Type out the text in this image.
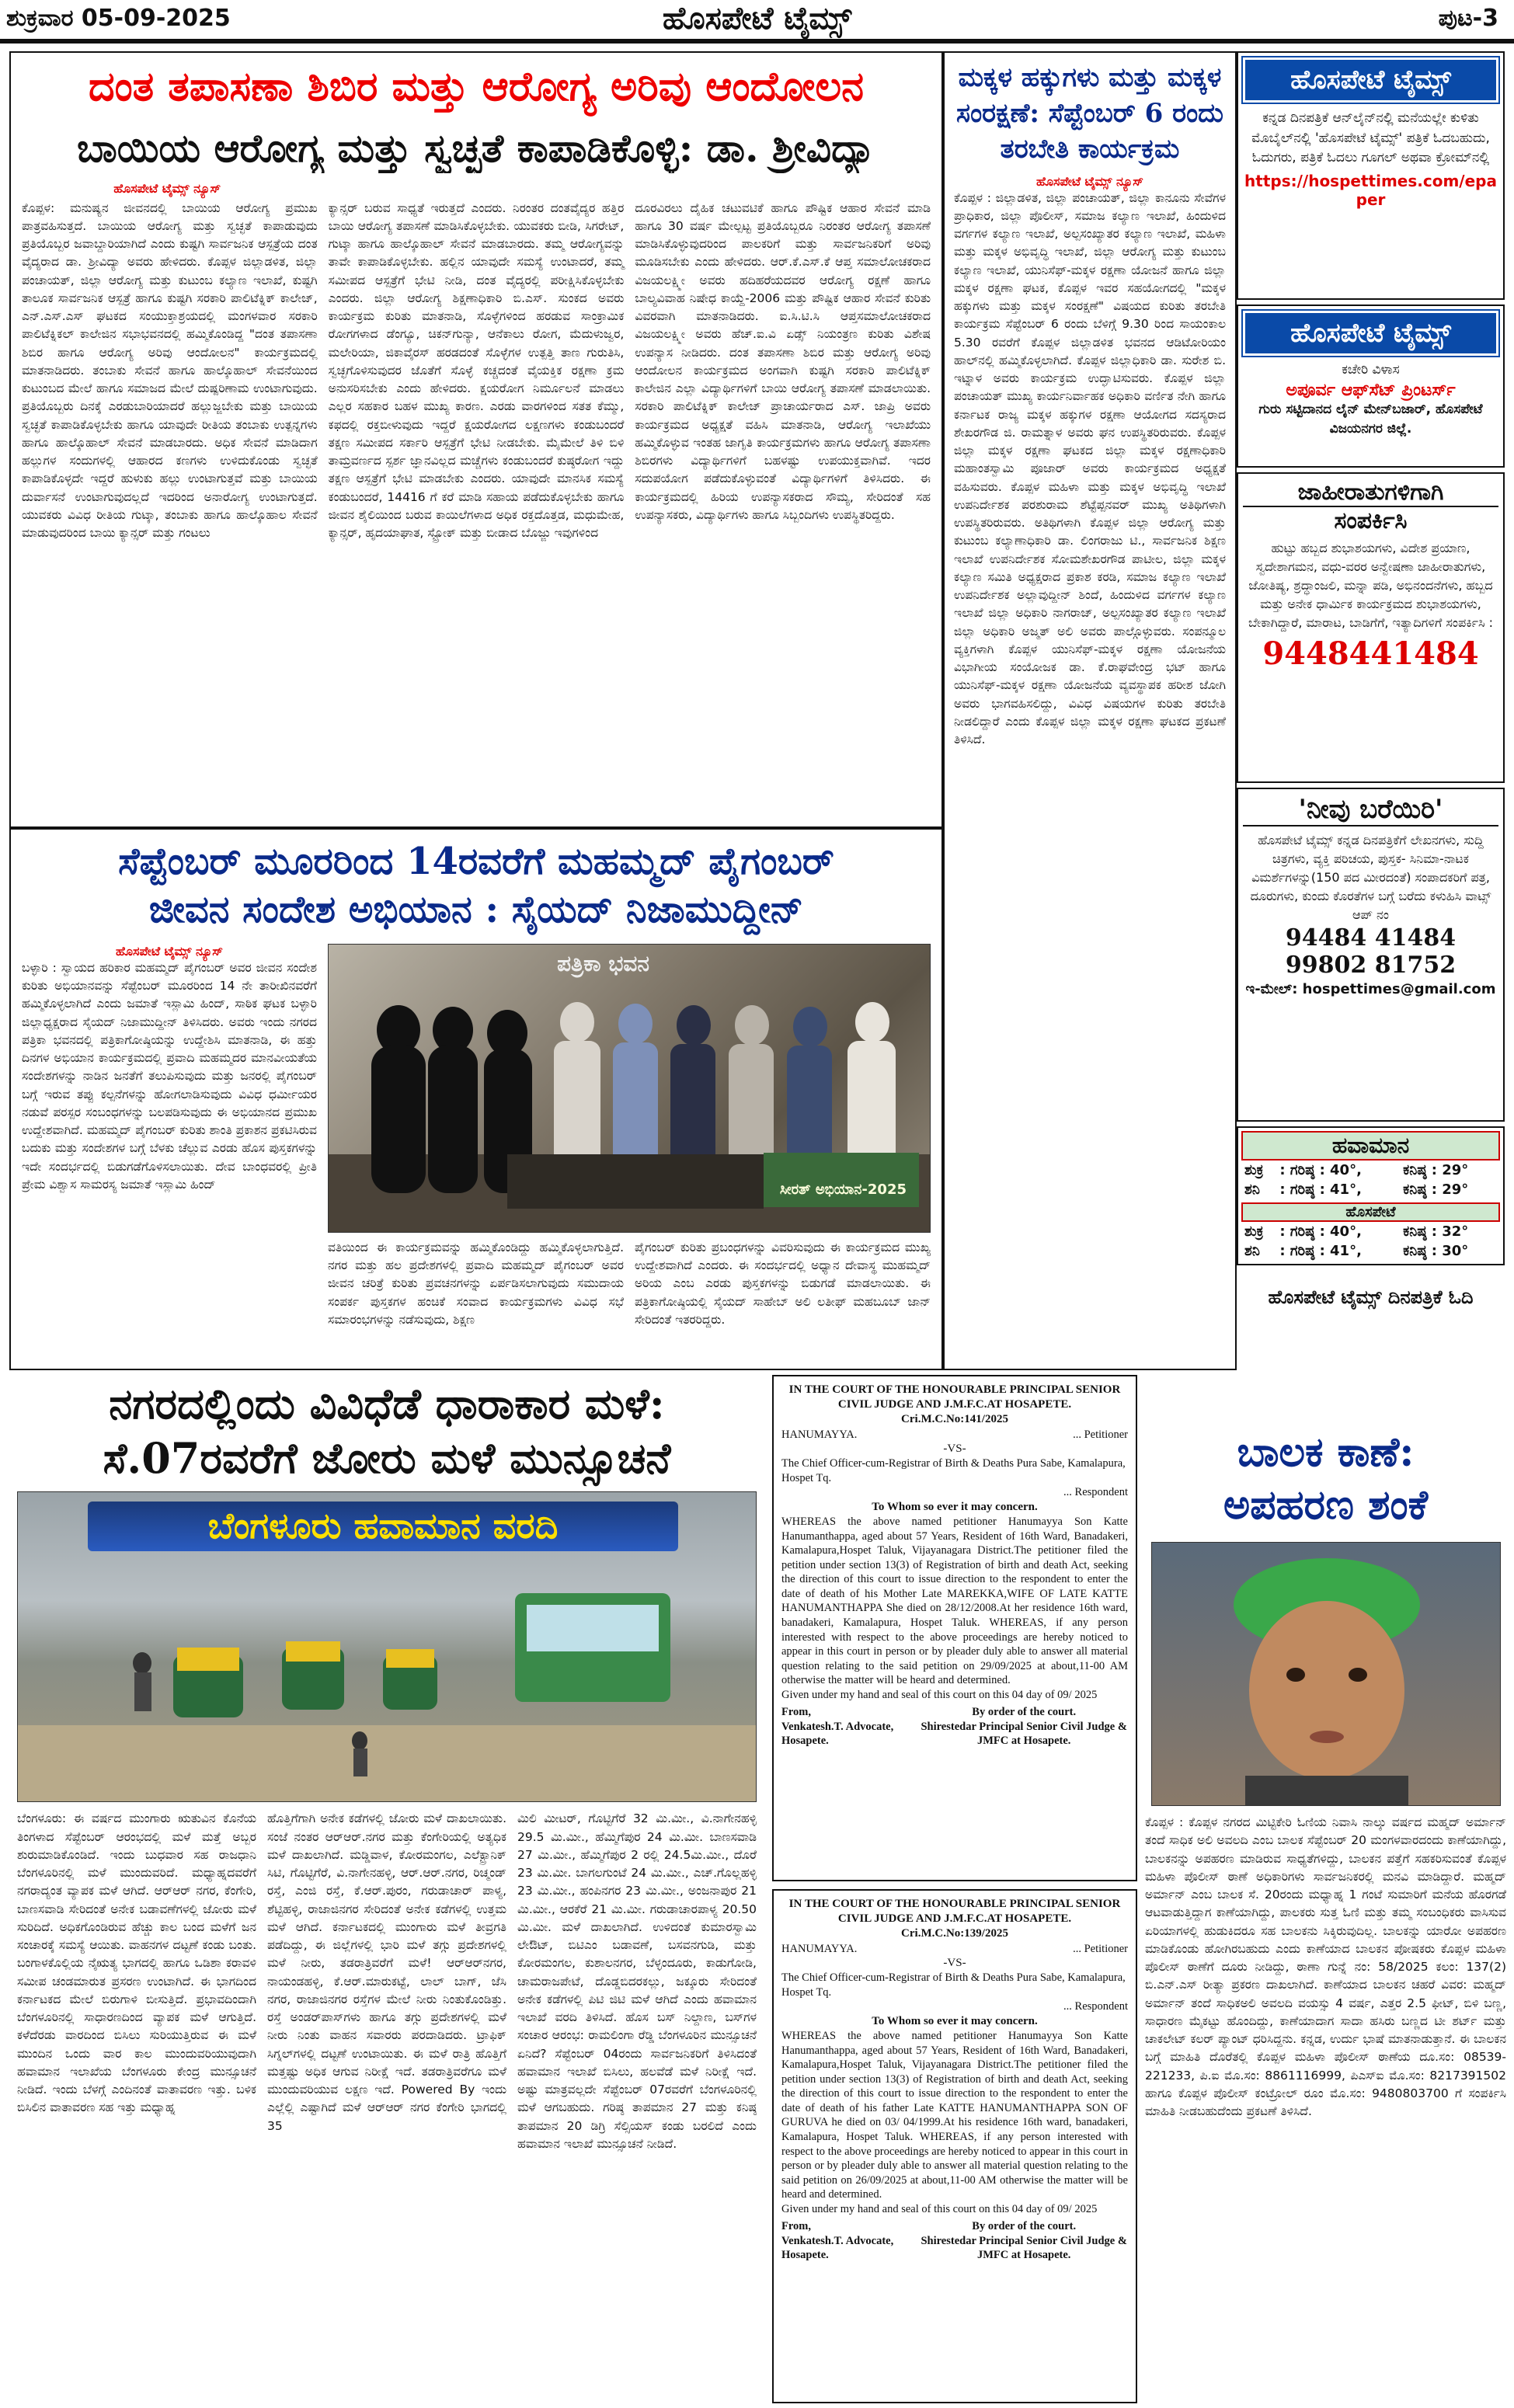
ಹೊಸಪೇಟೆ ಟೈಮ್ಸ್
ಶುಕ್ರವಾರ 05-09-2025	ಪುಟ-3
ದಂತ ತಪಾಸಣಾ ಶಿಬಿರ ಮತ್ತು ಆರೋಗ್ಯ ಅರಿವು ಆಂದೋಲನ
ಬಾಯಿಯ ಆರೋಗ್ಯ ಮತ್ತು ಸ್ವಚ್ಛತೆ ಕಾಪಾಡಿಕೊಳ್ಳಿ: ಡಾ. ಶ್ರೀವಿದ್ಯಾ
ಹೊಸಪೇಟೆ ಟೈಮ್ಸ್ ನ್ಯೂಸ್
ಕೊಪ್ಪಳ: ಮನುಷ್ಯನ ಜೀವನದಲ್ಲಿ ಬಾಯಿಯ ಆರೋಗ್ಯ ಪ್ರಮುಖ ಪಾತ್ರವಹಿಸುತ್ತದೆ. ಬಾಯಿಯ ಆರೋಗ್ಯ ಮತ್ತು ಸ್ವಚ್ಛತೆ ಕಾಪಾಡುವುದು ಪ್ರತಿಯೊಬ್ಬರ ಜವಾಬ್ದಾರಿಯಾಗಿದೆ ಎಂದು ಕುಷ್ಟಗಿ ಸಾರ್ವಜನಿಕ ಆಸ್ಪತ್ರೆಯ ದಂತ ವೈದ್ಯರಾದ ಡಾ. ಶ್ರೀವಿದ್ಯಾ ಅವರು ಹೇಳಿದರು. ಕೊಪ್ಪಳ ಜಿಲ್ಲಾಡಳಿತ, ಜಿಲ್ಲಾ ಪಂಚಾಯತ್, ಜಿಲ್ಲಾ ಆರೋಗ್ಯ ಮತ್ತು ಕುಟುಂಬ ಕಲ್ಯಾಣ ಇಲಾಖೆ, ಕುಷ್ಟಗಿ ತಾಲೂಕ ಸಾರ್ವಜನಿಕ ಆಸ್ಪತ್ರೆ ಹಾಗೂ ಕುಷ್ಟಗಿ ಸರಕಾರಿ ಪಾಲಿಟೆಕ್ನಿಕ್ ಕಾಲೇಜ್, ಎನ್.ಎಸ್.ಎಸ್ ಘಟಕದ ಸಂಯುಕ್ತಾಶ್ರಯದಲ್ಲಿ ಮಂಗಳವಾರ ಸರಕಾರಿ ಪಾಲಿಟೆಕ್ನಿಕಲ್ ಕಾಲೇಜಿನ ಸಭಾಭವನದಲ್ಲಿ ಹಮ್ಮಿಕೊಂಡಿದ್ದ "ದಂತ ತಪಾಸಣಾ ಶಿಬಿರ ಹಾಗೂ ಆರೋಗ್ಯ ಅರಿವು ಆಂದೋಲನ" ಕಾರ್ಯಕ್ರಮದಲ್ಲಿ ಮಾತನಾಡಿದರು. ತಂಬಾಕು ಸೇವನೆ ಹಾಗೂ ಹಾಲ್ಕೊಹಾಲ್ ಸೇವನೆಯಿಂದ ಕುಟುಂಬದ ಮೇಲೆ ಹಾಗೂ ಸಮಾಜದ ಮೇಲೆ ದುಷ್ಪರಿಣಾಮ ಉಂಟಾಗುವುದು. ಪ್ರತಿಯೊಬ್ಬರು ದಿನಕ್ಕೆ ಎರಡುಬಾರಿಯಾದರೆ ಹಲ್ಲುಜ್ಜಬೇಕು ಮತ್ತು ಬಾಯಿಯ ಸ್ವಚ್ಛತೆ ಕಾಪಾಡಿಕೊಳ್ಳಬೇಕು ಹಾಗೂ ಯಾವುದೇ ರೀತಿಯ ತಂಬಾಕು ಉತ್ಪನ್ನಗಳು ಹಾಗೂ ಹಾಲ್ಕೊಹಾಲ್ ಸೇವನೆ ಮಾಡಬಾರದು. ಅಧಿಕ ಸೇವನೆ ಮಾಡಿದಾಗ ಹಲ್ಲುಗಳ ಸಂದುಗಳಲ್ಲಿ ಆಹಾರದ ಕಣಗಳು ಉಳಿದುಕೊಂಡು ಸ್ವಚ್ಛತೆ ಕಾಪಾಡಿಕೊಳ್ಳದೇ ಇದ್ದರೆ ಹುಳುಕು ಹಲ್ಲು ಉಂಟಾಗುತ್ತವೆ ಮತ್ತು ಬಾಯಿಯ ದುರ್ವಾಸನೆ ಉಂಟಾಗುವುದಲ್ಲದೆ ಇದರಿಂದ ಅನಾರೋಗ್ಯ ಉಂಟಾಗುತ್ತದೆ. ಯುವಕರು ವಿವಿಧ ರೀತಿಯ ಗುಟ್ಕಾ, ತಂಬಾಕು ಹಾಗೂ ಹಾಲ್ಕೊಹಾಲ ಸೇವನೆ ಮಾಡುವುದರಿಂದ ಬಾಯಿ ಕ್ಯಾನ್ಸರ್ ಮತ್ತು ಗಂಟಲು
ಕ್ಯಾನ್ಸರ್ ಬರುವ ಸಾಧ್ಯತೆ ಇರುತ್ತದೆ ಎಂದರು. ನಿರಂತರ ದಂತವೈದ್ಯರ ಹತ್ತಿರ ಬಾಯಿ ಆರೋಗ್ಯ ತಪಾಸಣೆ ಮಾಡಿಸಿಕೊಳ್ಳಬೇಕು. ಯುವಕರು ಬೀಡಿ, ಸಿಗರೇಟ್, ಗುಟ್ಕಾ ಹಾಗೂ ಹಾಲ್ಕೊಹಾಲ್ ಸೇವನೆ ಮಾಡಬಾರದು. ತಮ್ಮ ಆರೋಗ್ಯವನ್ನು ತಾವೇ ಕಾಪಾಡಿಕೊಳ್ಳಬೇಕು. ಹಲ್ಲಿನ ಯಾವುದೇ ಸಮಸ್ಯೆ ಉಂಟಾದರೆ, ತಮ್ಮ ಸಮೀಪದ ಆಸ್ಪತ್ರೆಗೆ ಭೇಟಿ ನೀಡಿ, ದಂತ ವೈದ್ಯರಲ್ಲಿ ಪರೀಕ್ಷಿಸಿಕೊಳ್ಳಬೇಕು ಎಂದರು. ಜಿಲ್ಲಾ ಆರೋಗ್ಯ ಶಿಕ್ಷಣಾಧಿಕಾರಿ ಬಿ.ಎಸ್. ಸುಂಕದ ಅವರು ಕಾರ್ಯಕ್ರಮ ಕುರಿತು ಮಾತನಾಡಿ, ಸೊಳ್ಳೆಗಳಿಂದ ಹರಡುವ ಸಾಂಕ್ರಾಮಿಕ ರೋಗಗಳಾದ ಡೆಂಗ್ಯೂ, ಚಿಕನ್‌ಗುನ್ಯಾ, ಆನೆಕಾಲು ರೋಗ, ಮೆದುಳುಜ್ವರ, ಮಲೇರಿಯಾ, ಜಿಕಾವೈರಸ್ ಹರಡದಂತೆ ಸೊಳ್ಳೆಗಳ ಉತ್ಪತ್ತಿ ತಾಣ ಗುರುತಿಸಿ, ಸ್ವಚ್ಛಗೊಳಿಸುವುದರ ಜೊತೆಗೆ ಸೊಳ್ಳೆ ಕಚ್ಚದಂತೆ ವೈಯಕ್ತಿಕ ರಕ್ಷಣಾ ಕ್ರಮ ಅನುಸರಿಸಬೇಕು ಎಂದು ಹೇಳಿದರು. ಕ್ಷಯರೋಗ ನಿರ್ಮೂಲನೆ ಮಾಡಲು ಎಲ್ಲರ ಸಹಕಾರ ಬಹಳ ಮುಖ್ಯ ಕಾರಣ. ಎರಡು ವಾರಗಳಿಂದ ಸತತ ಕೆಮ್ಮು, ಕಫದಲ್ಲಿ ರಕ್ತಬೀಳುವುದು ಇದ್ದರೆ ಕ್ಷಯರೋಗದ ಲಕ್ಷಣಗಳು ಕಂಡುಬಂದರೆ ತಕ್ಷಣ ಸಮೀಪದ ಸರ್ಕಾರಿ ಆಸ್ಪತ್ರೆಗೆ ಭೇಟಿ ನೀಡಬೇಕು. ಮೈಮೇಲೆ ತಿಳಿ ಬಿಳಿ ತಾಮ್ರವರ್ಣದ ಸ್ಪರ್ಶ ಜ್ಞಾನವಿಲ್ಲದ ಮಚ್ಚೆಗಳು ಕಂಡುಬಂದರೆ ಕುಷ್ಠರೋಗ ಇದ್ದು ತಕ್ಷಣ ಆಸ್ಪತ್ರೆಗೆ ಭೇಟಿ ಮಾಡಬೇಕು ಎಂದರು. ಯಾವುದೇ ಮಾನಸಿಕ ಸಮಸ್ಯೆ ಕಂಡುಬಂದರೆ, 14416 ಗೆ ಕರೆ ಮಾಡಿ ಸಹಾಯ ಪಡೆದುಕೊಳ್ಳಬೇಕು ಹಾಗೂ ಜೀವನ ಶೈಲಿಯಿಂದ ಬರುವ ಕಾಯಿಲೆಗಳಾದ ಅಧಿಕ ರಕ್ತದೊತ್ತಡ, ಮಧುಮೇಹ, ಕ್ಯಾನ್ಸರ್, ಹೃದಯಾಘಾತ, ಸ್ಟ್ರೋಕ್ ಮತ್ತು ಬೀಡಾದ ಬೊಜ್ಜು ಇವುಗಳಿಂದ
ದೂರವಿರಲು ದೈಹಿಕ ಚಟುವಟಿಕೆ ಹಾಗೂ ಪೌಷ್ಟಿಕ ಆಹಾರ ಸೇವನೆ ಮಾಡಿ ಹಾಗೂ 30 ವರ್ಷ ಮೇಲ್ಪಟ್ಟ ಪ್ರತಿಯೊಬ್ಬರೂ ನಿರಂತರ ಆರೋಗ್ಯ ತಪಾಸಣೆ ಮಾಡಿಸಿಕೊಳ್ಳುವುದರಿಂದ ಪಾಲಕರಿಗೆ ಮತ್ತು ಸಾರ್ವಜನಿಕರಿಗೆ ಅರಿವು ಮೂಡಿಸಬೇಕು ಎಂದು ಹೇಳಿದರು. ಆರ್.ಕೆ.ಎಸ್.ಕೆ ಆಪ್ತ ಸಮಾಲೋಚಕರಾದ ವಿಜಯಲಕ್ಷ್ಮೀ ಅವರು ಹದಿಹರೆಯದವರ ಆರೋಗ್ಯ ರಕ್ಷಣೆ ಹಾಗೂ ಬಾಲ್ಯವಿವಾಹ ನಿಷೇಧ ಕಾಯ್ದೆ-2006 ಮತ್ತು ಪೌಷ್ಟಿಕ ಆಹಾರ ಸೇವನೆ ಕುರಿತು ವಿವರವಾಗಿ ಮಾತನಾಡಿದರು. ಐ.ಸಿ.ಟಿ.ಸಿ ಆಪ್ತಸಮಾಲೋಚಕರಾದ ವಿಜಯಲಕ್ಷ್ಮೀ ಅವರು ಹೆಚ್.ಐ.ವಿ ಏಡ್ಸ್ ನಿಯಂತ್ರಣ ಕುರಿತು ವಿಶೇಷ ಉಪನ್ಯಾಸ ನೀಡಿದರು. ದಂತ ತಪಾಸಣಾ ಶಿಬಿರ ಮತ್ತು ಆರೋಗ್ಯ ಅರಿವು ಆಂದೋಲನ ಕಾರ್ಯಕ್ರಮದ ಅಂಗವಾಗಿ ಕುಷ್ಟಗಿ ಸರಕಾರಿ ಪಾಲಿಟೆಕ್ನಿಕ್ ಕಾಲೇಜಿನ ಎಲ್ಲಾ ವಿದ್ಯಾರ್ಥಿಗಳಿಗೆ ಬಾಯಿ ಆರೋಗ್ಯ ತಪಾಸಣೆ ಮಾಡಲಾಯಿತು. ಸರಕಾರಿ ಪಾಲಿಟೆಕ್ನಿಕ್ ಕಾಲೇಜ್ ಪ್ರಾಚಾರ್ಯರಾದ ಎಸ್. ಜಾಪ್ರಿ ಅವರು ಕಾರ್ಯಕ್ರಮದ ಅಧ್ಯಕ್ಷತೆ ವಹಿಸಿ ಮಾತನಾಡಿ, ಆರೋಗ್ಯ ಇಲಾಖೆಯು ಹಮ್ಮಿಕೊಳ್ಳುವ ಇಂತಹ ಜಾಗೃತಿ ಕಾರ್ಯಕ್ರಮಗಳು ಹಾಗೂ ಆರೋಗ್ಯ ತಪಾಸಣಾ ಶಿಬಿರಗಳು ವಿದ್ಯಾರ್ಥಿಗಳಿಗೆ ಬಹಳಷ್ಟು ಉಪಯುಕ್ತವಾಗಿವೆ. ಇದರ ಸದುಪಯೋಗ ಪಡೆದುಕೊಳ್ಳುವಂತೆ ವಿದ್ಯಾರ್ಥಿಗಳಿಗೆ ತಿಳಿಸಿದರು. ಈ ಕಾರ್ಯಕ್ರಮದಲ್ಲಿ ಹಿರಿಯ ಉಪನ್ಯಾಸಕರಾದ ಸೌಮ್ಯ, ಸೇರಿದಂತೆ ಸಹ ಉಪನ್ಯಾಸಕರು, ವಿದ್ಯಾರ್ಥಿಗಳು ಹಾಗೂ ಸಿಬ್ಬಂದಿಗಳು ಉಪಸ್ಥಿತರಿದ್ದರು.
ಸೆಪ್ಟೆಂಬರ್ ಮೂರರಿಂದ 14ರವರೆಗೆ ಮಹಮ್ಮದ್ ಪೈಗಂಬರ್
ಜೀವನ ಸಂದೇಶ ಅಭಿಯಾನ : ಸೈಯದ್ ನಿಜಾಮುದ್ದೀನ್
ಹೊಸಪೇಟೆ ಟೈಮ್ಸ್ ನ್ಯೂಸ್
ಬಳ್ಳಾರಿ : ಸ್ವಾಯದ ಹರಿಕಾರ ಮಹಮ್ಮದ್ ಪೈಗಂಬರ್ ಅವರ ಜೀವನ ಸಂದೇಶ ಕುರಿತು ಅಭಿಯಾನವನ್ನು ಸೆಪ್ಟೆಂಬರ್ ಮೂರರಿಂದ 14 ನೇ ತಾರೀಖಿನವರೆಗೆ ಹಮ್ಮಿಕೊಳ್ಳಲಾಗಿದೆ ಎಂದು ಜಮಾತೆ ಇಸ್ಲಾಮಿ ಹಿಂದ್, ಸಾಠಿಕ ಘಟಕ ಬಳ್ಳಾರಿ ಜಿಲ್ಲಾಧ್ಯಕ್ಷರಾದ ಸೈಯದ್ ನಿಜಾಮುದ್ದೀನ್ ತಿಳಿಸಿದರು. ಅವರು ಇಂದು ನಗರದ ಪತ್ರಿಕಾ ಭವನದಲ್ಲಿ ಪತ್ರಿಕಾಗೋಷ್ಠಿಯನ್ನು ಉದ್ದೇಶಿಸಿ ಮಾತನಾಡಿ, ಈ ಹತ್ತು ದಿನಗಳ ಅಭಿಯಾನ ಕಾರ್ಯಕ್ರಮದಲ್ಲಿ ಪ್ರವಾದಿ ಮಹಮ್ಮದರ ಮಾನವೀಯತೆಯ ಸಂದೇಶಗಳನ್ನು ನಾಡಿನ ಜನತೆಗೆ ತಲುಪಿಸುವುದು ಮತ್ತು ಜನರಲ್ಲಿ ಪೈಗಂಬರ್ ಬಗ್ಗೆ ಇರುವ ತಪ್ಪು ಕಲ್ಪನೆಗಳನ್ನು ಹೋಗಲಾಡಿಸುವುದು ವಿವಿಧ ಧರ್ಮೀಯರ ನಡುವೆ ಪರಸ್ಪರ ಸಂಬಂಧಗಳನ್ನು ಬಲಪಡಿಸುವುದು ಈ ಅಭಿಯಾನದ ಪ್ರಮುಖ ಉದ್ದೇಶವಾಗಿದೆ. ಮಹಮ್ಮದ್ ಪೈಗಂಬರ್ ಕುರಿತು ಶಾಂತಿ ಪ್ರಕಾಶನ ಪ್ರಕಟಿಸಿರುವ ಬದುಕು ಮತ್ತು ಸಂದೇಶಗಳ ಬಗ್ಗೆ ಬೆಳಕು ಚೆಲ್ಲುವ ಎರಡು ಹೊಸ ಪುಸ್ತಕಗಳನ್ನು ಇದೇ ಸಂದರ್ಭದಲ್ಲಿ ಬಿಡುಗಡೆಗೊಳಿಸಲಾಯಿತು. ದೇವ ಬಾಂಧವರಲ್ಲಿ ಪ್ರೀತಿ ಪ್ರೇಮ ವಿಶ್ವಾಸ ಸಾಮರಸ್ಯ ಜಮಾತೆ ಇಸ್ಲಾಮಿ ಹಿಂದ್
ಪತ್ರಿಕಾ ಭವನ
ಸೀರತ್ ಅಭಿಯಾನ-2025
ವತಿಯಿಂದ ಈ ಕಾರ್ಯಕ್ರಮವನ್ನು ಹಮ್ಮಿಕೊಂಡಿದ್ದು ಹಮ್ಮಿಕೊಳ್ಳಲಾಗುತ್ತಿದೆ. ನಗರ ಮತ್ತು ಹಲ ಪ್ರದೇಶಗಳಲ್ಲಿ ಪ್ರವಾದಿ ಮಹಮ್ಮದ್ ಪೈಗಂಬರ್ ಅವರ ಜೀವನ ಚರಿತ್ರೆ ಕುರಿತು ಪ್ರವಚನಗಳನ್ನು ಏರ್ಪಡಿಸಲಾಗುವುದು ಸಮುದಾಯ ಸಂಪರ್ಕ ಪುಸ್ತಕಗಳ ಹಂಚಿಕೆ ಸಂವಾದ ಕಾರ್ಯಕ್ರಮಗಳು ವಿವಿಧ ಸಭೆ ಸಮಾರಂಭಗಳನ್ನು ನಡೆಸುವುದು, ಶಿಕ್ಷಣ
ಪೈಗಂಬರ್ ಕುರಿತು ಪ್ರಬಂಧಗಳನ್ನು ವಿವರಿಸುವುದು ಈ ಕಾರ್ಯಕ್ರಮದ ಮುಖ್ಯ ಉದ್ದೇಶವಾಗಿದೆ ಎಂದರು. ಈ ಸಂದರ್ಭದಲ್ಲಿ ಅಧ್ಯಾನ ದೇವಾಸ್ಥ ಮುಹಮ್ಮದ್ ಅರಿಯ ಎಂಬ ಎರಡು ಪುಸ್ತಕಗಳನ್ನು ಬಿಡುಗಡೆ ಮಾಡಲಾಯಿತು. ಈ ಪತ್ರಿಕಾಗೋಷ್ಠಿಯಲ್ಲಿ ಸೈಯದ್ ಸಾಹೇಬ್ ಅಲಿ ಲತೀಫ್ ಮಹಬೂಬ್ ಜಾನ್ ಸೇರಿದಂತೆ ಇತರರಿದ್ದರು.
ಮಕ್ಕಳ ಹಕ್ಕುಗಳು ಮತ್ತು ಮಕ್ಕಳ ಸಂರಕ್ಷಣೆ: ಸೆಪ್ಟೆಂಬರ್ 6 ರಂದು ತರಬೇತಿ ಕಾರ್ಯಕ್ರಮ
ಹೊಸಪೇಟೆ ಟೈಮ್ಸ್ ನ್ಯೂಸ್
ಕೊಪ್ಪಳ : ಜಿಲ್ಲಾಡಳಿತ, ಜಿಲ್ಲಾ ಪಂಚಾಯತ್, ಜಿಲ್ಲಾ ಕಾನೂನು ಸೇವೆಗಳ ಪ್ರಾಧಿಕಾರ, ಜಿಲ್ಲಾ ಪೊಲೀಸ್, ಸಮಾಜ ಕಲ್ಯಾಣ ಇಲಾಖೆ, ಹಿಂದುಳಿದ ವರ್ಗಗಳ ಕಲ್ಯಾಣ ಇಲಾಖೆ, ಅಲ್ಪಸಂಖ್ಯಾತರ ಕಲ್ಯಾಣ ಇಲಾಖೆ, ಮಹಿಳಾ ಮತ್ತು ಮಕ್ಕಳ ಅಭಿವೃದ್ಧಿ ಇಲಾಖೆ, ಜಿಲ್ಲಾ ಆರೋಗ್ಯ ಮತ್ತು ಕುಟುಂಬ ಕಲ್ಯಾಣ ಇಲಾಖೆ, ಯುನಿಸೆಫ್-ಮಕ್ಕಳ ರಕ್ಷಣಾ ಯೋಜನೆ ಹಾಗೂ ಜಿಲ್ಲಾ ಮಕ್ಕಳ ರಕ್ಷಣಾ ಘಟಕ, ಕೊಪ್ಪಳ ಇವರ ಸಹಯೋಗದಲ್ಲಿ "ಮಕ್ಕಳ ಹಕ್ಕುಗಳು ಮತ್ತು ಮಕ್ಕಳ ಸಂರಕ್ಷಣೆ" ವಿಷಯದ ಕುರಿತು ತರಬೇತಿ ಕಾರ್ಯಕ್ರಮ ಸೆಪ್ಟೆಂಬರ್ 6 ರಂದು ಬೆಳಿಗ್ಗೆ 9.30 ರಿಂದ ಸಾಯಂಕಾಲ 5.30 ರವರೆಗೆ ಕೊಪ್ಪಳ ಜಿಲ್ಲಾಡಳಿತ ಭವನದ ಆಡಿಟೋರಿಯಂ ಹಾಲ್‌ನಲ್ಲಿ ಹಮ್ಮಿಕೊಳ್ಳಲಾಗಿದೆ. ಕೊಪ್ಪಳ ಜಿಲ್ಲಾಧಿಕಾರಿ ಡಾ. ಸುರೇಶ ಬಿ. ಇಟ್ನಾಳ ಅವರು ಕಾರ್ಯಕ್ರಮ ಉದ್ಘಾಟಿಸುವರು. ಕೊಪ್ಪಳ ಜಿಲ್ಲಾ ಪಂಚಾಯತ್ ಮುಖ್ಯ ಕಾರ್ಯನಿರ್ವಾಹಕ ಅಧಿಕಾರಿ ವರ್ಣಿತ ನೇಗಿ ಹಾಗೂ ಕರ್ನಾಟಕ ರಾಜ್ಯ ಮಕ್ಕಳ ಹಕ್ಕುಗಳ ರಕ್ಷಣಾ ಆಯೋಗದ ಸದಸ್ಯರಾದ ಶೇಖರಗೌಡ ಜಿ. ರಾಮತ್ನಾಳ ಅವರು ಘನ ಉಪಸ್ಥಿತರಿರುವರು. ಕೊಪ್ಪಳ ಜಿಲ್ಲಾ ಮಕ್ಕಳ ರಕ್ಷಣಾ ಘಟಕದ ಜಿಲ್ಲಾ ಮಕ್ಕಳ ರಕ್ಷಣಾಧಿಕಾರಿ ಮಹಾಂತಸ್ವಾಮಿ ಪೂಜಾರ್ ಅವರು ಕಾರ್ಯಕ್ರಮದ ಅಧ್ಯಕ್ಷತೆ ವಹಿಸುವರು. ಕೊಪ್ಪಳ ಮಹಿಳಾ ಮತ್ತು ಮಕ್ಕಳ ಅಭಿವೃದ್ಧಿ ಇಲಾಖೆ ಉಪನಿರ್ದೇಶಕ ಪರಶುರಾಮ ಶೆಟ್ಟೆಪ್ಪನವರ್ ಮುಖ್ಯ ಅತಿಥಿಗಳಾಗಿ ಉಪಸ್ಥಿತರಿರುವರು. ಅತಿಥಿಗಳಾಗಿ ಕೊಪ್ಪಳ ಜಿಲ್ಲಾ ಆರೋಗ್ಯ ಮತ್ತು ಕುಟುಂಬ ಕಲ್ಯಾಣಾಧಿಕಾರಿ ಡಾ. ಲಿಂಗರಾಜು ಟಿ., ಸಾರ್ವಜನಿಕ ಶಿಕ್ಷಣ ಇಲಾಖೆ ಉಪನಿರ್ದೇಶಕ ಸೋಮಶೇಖರಗೌಡ ಪಾಟೀಲ, ಜಿಲ್ಲಾ ಮಕ್ಕಳ ಕಲ್ಯಾಣ ಸಮಿತಿ ಅಧ್ಯಕ್ಷರಾದ ಪ್ರಕಾಶ ಕರಡಿ, ಸಮಾಜ ಕಲ್ಯಾಣ ಇಲಾಖೆ ಉಪನಿರ್ದೇಶಕ ಅಲ್ಲಾವುದ್ದೀನ್ ಶಿಂದೆ, ಹಿಂದುಳಿದ ವರ್ಗಗಳ ಕಲ್ಯಾಣ ಇಲಾಖೆ ಜಿಲ್ಲಾ ಅಧಿಕಾರಿ ನಾಗರಾಜ್, ಅಲ್ಪಸಂಖ್ಯಾತರ ಕಲ್ಯಾಣ ಇಲಾಖೆ ಜಿಲ್ಲಾ ಅಧಿಕಾರಿ ಅಜ್ಮತ್ ಅಲಿ ಅವರು ಪಾಲ್ಗೊಳ್ಳುವರು. ಸಂಪನ್ಮೂಲ ವ್ಯಕ್ತಿಗಳಾಗಿ ಕೊಪ್ಪಳ ಯುನಿಸೆಫ್-ಮಕ್ಕಳ ರಕ್ಷಣಾ ಯೋಜನೆಯ ವಿಭಾಗೀಯ ಸಂಯೋಜಕ ಡಾ. ಕೆ.ರಾಘವೇಂದ್ರ ಭಟ್ ಹಾಗೂ ಯುನಿಸೆಫ್-ಮಕ್ಕಳ ರಕ್ಷಣಾ ಯೋಜನೆಯ ವ್ಯವಸ್ಥಾಪಕ ಹರೀಶ ಜೋಗಿ ಅವರು ಭಾಗವಹಿಸಲಿದ್ದು, ವಿವಿಧ ವಿಷಯಗಳ ಕುರಿತು ತರಬೇತಿ ನೀಡಲಿದ್ದಾರೆ ಎಂದು ಕೊಪ್ಪಳ ಜಿಲ್ಲಾ ಮಕ್ಕಳ ರಕ್ಷಣಾ ಘಟಕದ ಪ್ರಕಟಣೆ ತಿಳಿಸಿದೆ.
ಹೊಸಪೇಟೆ ಟೈಮ್ಸ್
ಕನ್ನಡ ದಿನಪತ್ರಿಕೆ ಆನ್‌ಲೈನ್‌ನಲ್ಲಿ ಮನೆಯಲ್ಲೇ ಕುಳಿತು ಮೊಬೈಲ್‌ನಲ್ಲಿ 'ಹೊಸಪೇಟೆ ಟೈಮ್ಸ್' ಪತ್ರಿಕೆ ಓದಬಹುದು, ಓದುಗರು, ಪತ್ರಿಕೆ ಓದಲು ಗೂಗಲ್ ಅಥವಾ ಕ್ರೋಮ್‌ನಲ್ಲಿ
https://hospettimes.com/epaper
ಹೊಸಪೇಟೆ ಟೈಮ್ಸ್
ಕಚೇರಿ ವಿಳಾಸ
ಅಪೂರ್ವ ಆಫ್‌ಸೆಟ್ ಪ್ರಿಂಟರ್ಸ್
ಗುರು ಸಟ್ಟಿದಾನದ ಲೈನ್ ಮೇನ್‌ಬಜಾರ್, ಹೊಸಪೇಟೆ ವಿಜಯನಗರ ಜಿಲ್ಲೆ.
ಜಾಹೀರಾತುಗಳಿಗಾಗಿ
ಸಂಪರ್ಕಿಸಿ
ಹುಟ್ಟು ಹಬ್ಬದ ಶುಭಾಶಯಗಳು, ವಿದೇಶ ಪ್ರಯಾಣ, ಸ್ವದೇಶಾಗಮನ, ವಧು-ವರರ ಅನ್ವೇಷಣಾ ಜಾಹೀರಾತುಗಳು, ಜೋತಿಷ್ಯ, ಶ್ರದ್ಧಾಂಜಲಿ, ಮನ್ನಾ ಪಡಿ, ಅಭಿನಂದನೆಗಳು, ಹಬ್ಬದ ಮತ್ತು ಅನೇಕ ಧಾರ್ಮಿಕ ಕಾರ್ಯಕ್ರಮದ ಶುಭಾಶಯಗಳು, ಬೇಕಾಗಿದ್ದಾರೆ, ಮಾರಾಟ, ಬಾಡಿಗೆಗೆ, ಇತ್ಯಾದಿಗಳಿಗೆ ಸಂಪರ್ಕಿಸಿ :
9448441484
'ನೀವು ಬರೆಯಿರಿ'
ಹೊಸಪೇಟೆ ಟೈಮ್ಸ್ ಕನ್ನಡ ದಿನಪತ್ರಿಕೆಗೆ ಲೇಖನಗಳು, ಸುದ್ದಿ ಚಿತ್ರಗಳು, ವ್ಯಕ್ತಿ ಪರಿಚಯ, ಪುಸ್ತಕ- ಸಿನಿಮಾ-ನಾಟಕ ವಿಮರ್ಶೆಗಳನ್ನು(150 ಪದ ಮೀರದಂತೆ) ಸಂಪಾದಕರಿಗೆ ಪತ್ರ, ದೂರುಗಳು, ಕುಂದು ಕೊರತೆಗಳ ಬಗ್ಗೆ ಬರೆದು ಕಳುಹಿಸಿ ವಾಟ್ಸ್ ಆಪ್ ನಂ
94484 41484
99802 81752
ಇ-ಮೇಲ್: hospettimes@gmail.com
ಹವಾಮಾನ
ಶುಕ್ರ	: ಗರಿಷ್ಠ : 40°,	ಕನಿಷ್ಠ : 29°
ಶನಿ	: ಗರಿಷ್ಠ : 41°,	ಕನಿಷ್ಠ : 29°
ಹೊಸಪೇಟೆ
ಶುಕ್ರ	: ಗರಿಷ್ಠ : 40°,	ಕನಿಷ್ಠ : 32°
ಶನಿ	: ಗರಿಷ್ಠ : 41°,	ಕನಿಷ್ಠ : 30°
ಹೊಸಪೇಟೆ ಟೈಮ್ಸ್ ದಿನಪತ್ರಿಕೆ ಓದಿ
ನಗರದಲ್ಲಿಂದು ವಿವಿಧೆಡೆ ಧಾರಾಕಾರ ಮಳೆ:
ಸೆ.07ರವರೆಗೆ ಜೋರು ಮಳೆ ಮುನ್ಸೂಚನೆ
ಬೆಂಗಳೂರು ಹವಾಮಾನ ವರದಿ
ಬೆಂಗಳೂರು: ಈ ವರ್ಷದ ಮುಂಗಾರು ಋತುವಿನ ಕೊನೆಯ ತಿಂಗಳಾದ ಸೆಪ್ಟೆಂಬರ್ ಆರಂಭದಲ್ಲಿ ಮಳೆ ಮತ್ತೆ ಅಬ್ಬರ ಶುರುಮಾಡಿಕೊಂಡಿದೆ. ಇಂದು ಬುಧವಾರ ಸಹ ರಾಜಧಾನಿ ಬೆಂಗಳೂರಿನಲ್ಲಿ ಮಳೆ ಮುಂದುವರಿದೆ. ಮಧ್ಯಾಹ್ನದವರೆಗೆ ನಗರಾದ್ಯಂತ ವ್ಯಾಪಕ ಮಳೆ ಆಗಿದೆ. ಆರ್‌ಆರ್ ನಗರ, ಕೆಂಗೇರಿ, ಬಾಣಸವಾಡಿ ಸೇರಿದಂತೆ ಅನೇಕ ಬಡಾವಣೆಗಳಲ್ಲಿ ಜೋರು ಮಳೆ ಸುರಿದಿದೆ. ಅಧಿಕಗೊಂಡಿರುವ ಹೆಚ್ಚು ಕಾಲ ಬಂದ ಮಳೆಗೆ ಜನ ಸಂಚಾರಕ್ಕೆ ಸಮಸ್ಯೆ ಆಯಿತು. ವಾಹನಗಳ ದಟ್ಟಣೆ ಕಂಡು ಬಂತು. ಬಂಗಾಳಕೊಲ್ಲಿಯ ನೈಋತ್ಯ ಭಾಗದಲ್ಲಿ ಹಾಗೂ ಒಡಿಶಾ ಕರಾವಳಿ ಸಮೀಪ ಚಂಡಮಾರುತ ಪ್ರಸರಣ ಉಂಟಾಗಿದೆ. ಈ ಭಾಗದಿಂದ ಕರ್ನಾಟಕದ ಮೇಲೆ ಬಿರುಗಾಳಿ ಬೀಸುತ್ತಿದೆ. ಪ್ರಭಾವದಿಂದಾಗಿ ಬೆಂಗಳೂರಿನಲ್ಲಿ ಸಾಧಾರಣದಿಂದ ವ್ಯಾಪಕ ಮಳೆ ಆಗುತ್ತಿದೆ. ಕಳೆದೆರಡು ವಾರದಿಂದ ಬಿಸಿಲು ಸುರಿಯುತ್ತಿರುವ ಈ ಮಳೆ ಮುಂದಿನ ಒಂದು ವಾರ ಕಾಲ ಮುಂದುವರಿಯುವುದಾಗಿ ಹವಾಮಾನ ಇಲಾಖೆಯ ಬೆಂಗಳೂರು ಕೇಂದ್ರ ಮುನ್ಸೂಚನೆ ನೀಡಿದೆ. ಇಂದು ಬೆಳಗ್ಗೆ ಎಂದಿನಂತೆ ವಾತಾವರಣ ಇತ್ತು. ಬಳಿಕ ಬಿಸಿಲಿನ ವಾತಾವರಣ ಸಹ ಇತ್ತು ಮಧ್ಯಾಹ್ನ
ಹೊತ್ತಿಗೆಗಾಗಿ ಅನೇಕ ಕಡೆಗಳಲ್ಲಿ ಜೋರು ಮಳೆ ದಾಖಲಾಯಿತು. ಸಂಜೆ ನಂತರ ಆರ್‌ಆರ್.ನಗರ ಮತ್ತು ಕೆಂಗೇರಿಯಲ್ಲಿ ಅತ್ಯಧಿಕ ಮಳೆ ದಾಖಲಾಗಿದೆ. ಮಡ್ಡಿವಾಳ, ಕೋರಮಂಗಲ, ಎಲೆಕ್ಟ್ರಾನಿಕ್ ಸಿಟಿ, ಗೊಟ್ಟಿಗೆರೆ, ವಿ.ನಾಗೇನಹಳ್ಳಿ, ಆರ್.ಆರ್.ನಗರ, ರಿಚ್ಮಂಡ್ ರಸ್ತೆ, ಎಂಜಿ ರಸ್ತೆ, ಕೆ.ಆರ್.ಪುರಂ, ಗರುಡಾಚಾರ್ ಪಾಳ್ಯ, ಶೆಟ್ಟಿಹಳ್ಳಿ, ರಾಜಾಜಿನಗರ ಸೇರಿದಂತೆ ಅನೇಕ ಕಡೆಗಳಲ್ಲಿ ಉತ್ತಮ ಮಳೆ ಆಗಿದೆ. ಕರ್ನಾಟಕದಲ್ಲಿ ಮುಂಗಾರು ಮಳೆ ತೀವ್ರಗತಿ ಪಡೆದಿದ್ದು, ಈ ಜಿಲ್ಲೆಗಳಲ್ಲಿ ಭಾರಿ ಮಳೆ ತಗ್ಗು ಪ್ರದೇಶಗಳಲ್ಲಿ ಮಳೆ ನೀರು, ತಡರಾತ್ರಿವರೆಗೆ ಮಳೆ! ಆರ್‌ಆರ್‌ನಗರ, ನಾಯಂಡಹಳ್ಳಿ, ಕೆ.ಆರ್.ಮಾರುಕಟ್ಟೆ, ಲಾಲ್ ಬಾಗ್, ಜೆಸಿ ನಗರ, ರಾಜಾಜಿನಗರ ರಸ್ತೆಗಳ ಮೇಲೆ ನೀರು ನಿಂತುಕೊಂಡಿತ್ತು. ರಸ್ತೆ ಅಂಡರ್‌ಪಾಸ್‌ಗಳು ಹಾಗೂ ತಗ್ಗು ಪ್ರದೇಶಗಳಲ್ಲಿ ಮಳೆ ನೀರು ನಿಂತು ವಾಹನ ಸವಾರರು ಪರದಾಡಿದರು. ಟ್ರಾಫಿಕ್ ಸಿಗ್ನಲ್‌ಗಳಲ್ಲಿ ದಟ್ಟಣೆ ಉಂಟಾಯಿತು. ಈ ಮಳೆ ರಾತ್ರಿ ಹೊತ್ತಿಗೆ ಮತ್ತಷ್ಟು ಅಧಿಕ ಆಗುವ ನಿರೀಕ್ಷೆ ಇದೆ. ತಡರಾತ್ರಿವರೆಗೂ ಮಳೆ ಮುಂದುವರಿಯುವ ಲಕ್ಷಣ ಇದೆ. Powered By ಇಂದು ಎಲ್ಲೆಲ್ಲಿ ಎಷ್ಟಾಗಿದೆ ಮಳೆ ಆರ್‌ಆರ್ ನಗರ ಕೆಂಗೇರಿ ಭಾಗದಲ್ಲಿ 35
ಮಿಲಿ ಮೀಟರ್, ಗೊಟ್ಟಿಗೆರೆ 32 ಮಿ.ಮೀ., ವಿ.ನಾಗೇನಹಳ್ಳಿ 29.5 ಮಿ.ಮೀ., ಹೆಮ್ಮಿಗೆಪುರ 24 ಮಿ.ಮೀ. ಬಾಣಸವಾಡಿ 27 ಮಿ.ಮೀ., ಹೆಮ್ಮಿಗೆಪುರ 2 ರಲ್ಲಿ 24.5ಮಿ.ಮೀ., ದೊರೆ 23 ಮಿ.ಮೀ. ಬಾಗಲಗುಂಟೆ 24 ಮಿ.ಮೀ., ಎಚ್.ಗೊಲ್ಲಹಳ್ಳಿ 23 ಮಿ.ಮೀ., ಹಂಪಿನಗರ 23 ಮಿ.ಮೀ., ಅಂಜನಾಪುರ 21 ಮಿ.ಮೀ., ಆರಕೆರೆ 21 ಮಿ.ಮೀ. ಗರುಡಾಚಾರಪಾಳ್ಯ 20.50 ಮಿ.ಮೀ. ಮಳೆ ದಾಖಲಾಗಿದೆ. ಉಳಿದಂತೆ ಕುಮಾರಸ್ವಾಮಿ ಲೇಔಟ್, ಬಿಟಿಎಂ ಬಡಾವಣೆ, ಬಸವನಗುಡಿ, ಮತ್ತು ಕೋರಮಂಗಲ, ಕುಶಾಲನಗರ, ಬೆಳ್ಳಂದೂರು, ಕಾಡುಗೋಡಿ, ಚಾಮರಾಜಪೇಟೆ, ದೊಡ್ಡಬಿದರಕಲ್ಲು, ಜಕ್ಕೂರು ಸೇರಿದಂತೆ ಅನೇಕ ಕಡೆಗಳಲ್ಲಿ ಪಿಟಿ ಜಿಟಿ ಮಳೆ ಆಗಿದೆ ಎಂದು ಹವಾಮಾನ ಇಲಾಖೆ ವರದಿ ತಿಳಿಸಿದೆ. ಹೊಸ ಬಸ್ ನಿಲ್ದಾಣ, ಬಸ್‌ಗಳ ಸಂಚಾರ ಆರಂಭ: ರಾಮಲಿಂಗಾ ರೆಡ್ಡಿ ಬೆಂಗಳೂರಿನ ಮುನ್ಸೂಚನೆ ಏನಿದೆ? ಸೆಪ್ಟೆಂಬರ್ 04ರಂದು ಸಾರ್ವಜನಿಕರಿಗೆ ತಿಳಿಸಿದಂತೆ ಹವಾಮಾನ ಇಲಾಖೆ ಬಿಸಿಲು, ಹಲವೆಡೆ ಮಳೆ ನಿರೀಕ್ಷೆ ಇದೆ. ಅಷ್ಟು ಮಾತ್ರವಲ್ಲದೇ ಸೆಪ್ಟೆಂಬರ್ 07ರವರೆಗೆ ಬೆಂಗಳೂರಿನಲ್ಲಿ ಮಳೆ ಆಗಬಹುದು. ಗರಿಷ್ಠ ತಾಪಮಾನ 27 ಮತ್ತು ಕನಿಷ್ಠ ತಾಪಮಾನ 20 ಡಿಗ್ರಿ ಸೆಲ್ಸಿಯಸ್ ಕಂಡು ಬರಲಿದೆ ಎಂದು ಹವಾಮಾನ ಇಲಾಖೆ ಮುನ್ಸೂಚನೆ ನೀಡಿದೆ.
IN THE COURT OF THE HONOURABLE PRINCIPAL SENIOR CIVIL JUDGE AND J.M.F.C.AT HOSAPETE.
Cri.M.C.No:141/2025
HANUMAYYA.	... Petitioner
-VS-
The Chief Officer-cum-Registrar of Birth & Deaths Pura Sabe, Kamalapura, Hospet Tq.
... Respondent
To Whom so ever it may concern.
WHEREAS the above named petitioner Hanumayya Son Katte Hanumanthappa, aged about 57 Years, Resident of 16th Ward, Banadakeri, Kamalapura,Hospet Taluk, Vijayanagara District.The petitioner filed the petition under section 13(3) of Registration of birth and death Act, seeking the direction of this court to issue direction to the respondent to enter the date of death of his Mother Late MAREKKA,WIFE OF LATE KATTE HANUMANTHAPPA She died on 28/12/2008.At her residence 16th ward, banadakeri, Kamalapura, Hospet Taluk. WHEREAS, if any person interested with respect to the above proceedings are hereby noticed to appear in this court in person or by pleader duly able to answer all material question relating to the said petition on 29/09/2025 at about,11-00 AM otherwise the matter will be heard and determined.
Given under my hand and seal of this court on this 04 day of 09/ 2025
From,
Venkatesh.T. Advocate, Hosapete.
By order of the court.
Shirestedar Principal Senior Civil Judge & JMFC at Hosapete.
IN THE COURT OF THE HONOURABLE PRINCIPAL SENIOR CIVIL JUDGE AND J.M.F.C.AT HOSAPETE.
Cri.M.C.No:139/2025
HANUMAYYA.	... Petitioner
-VS-
The Chief Officer-cum-Registrar of Birth & Deaths Pura Sabe, Kamalapura, Hospet Tq.
... Respondent
To Whom so ever it may concern.
WHEREAS the above named petitioner Hanumayya Son Katte Hanumanthappa, aged about 57 Years, Resident of 16th Ward, Banadakeri, Kamalapura,Hospet Taluk, Vijayanagara District.The petitioner filed the petition under section 13(3) of Registration of birth and death Act, seeking the direction of this court to issue direction to the respondent to enter the date of death of his father Late KATTE HANUMANTHAPPA SON OF GURUVA he died on 03/ 04/1999.At his residence 16th ward, banadakeri, Kamalapura, Hospet Taluk. WHEREAS, if any person interested with respect to the above proceedings are hereby noticed to appear in this court in person or by pleader duly able to answer all material question relating to the said petition on 26/09/2025 at about,11-00 AM otherwise the matter will be heard and determined.
Given under my hand and seal of this court on this 04 day of 09/ 2025
From,
Venkatesh.T. Advocate, Hosapete.
By order of the court.
Shirestedar Principal Senior Civil Judge & JMFC at Hosapete.
ಬಾಲಕ ಕಾಣೆ:
ಅಪಹರಣ ಶಂಕೆ
ಕೊಪ್ಪಳ : ಕೊಪ್ಪಳ ನಗರದ ಮಿಟ್ಟಿಕೇರಿ ಓಣಿಯ ನಿವಾಸಿ ನಾಲ್ಕು ವರ್ಷದ ಮಹ್ಮದ್ ಅರ್ಮಾನ್ ತಂದೆ ಸಾಧಿಕ ಅಲಿ ಅವಲದಿ ಎಂಬ ಬಾಲಕ ಸೆಪ್ಟೆಂಬರ್ 20 ಮಂಗಳವಾರದಂದು ಕಾಣೆಯಾಗಿದ್ದು, ಬಾಲಕನನ್ನು ಅಪಹರಣ ಮಾಡಿರುವ ಸಾಧ್ಯತೆಗಳಿದ್ದು, ಬಾಲಕನ ಪತ್ತೆಗೆ ಸಹಕರಿಸುವಂತೆ ಕೊಪ್ಪಳ ಮಹಿಳಾ ಪೊಲೀಸ್ ಠಾಣೆ ಅಧಿಕಾರಿಗಳು ಸಾರ್ವಜನಿಕರಲ್ಲಿ ಮನವಿ ಮಾಡಿದ್ದಾರೆ. ಮಹ್ಮದ್ ಅರ್ಮಾನ್ ಎಂಬ ಬಾಲಕ ಸೆ. 20ರಂದು ಮಧ್ಯಾಹ್ನ 1 ಗಂಟೆ ಸುಮಾರಿಗೆ ಮನೆಯ ಹೊರಗಡೆ ಆಟವಾಡುತ್ತಿದ್ದಾಗ ಕಾಣೆಯಾಗಿದ್ದು, ಪಾಲಕರು ಸುತ್ತ ಓಣಿ ಮತ್ತು ತಮ್ಮ ಸಂಬಂಧಿಕರು ವಾಸಿಸುವ ಏರಿಯಾಗಳಲ್ಲಿ ಹುಡುಕಿದರೂ ಸಹ ಬಾಲಕನು ಸಿಕ್ಕಿರುವುದಿಲ್ಲ. ಬಾಲಕನ್ನು ಯಾರೋ ಅಪಹರಣ ಮಾಡಿಕೊಂಡು ಹೋಗಿರಬಹುದು ಎಂದು ಕಾಣೆಯಾದ ಬಾಲಕನ ಪೋಷಕರು ಕೊಪ್ಪಳ ಮಹಿಳಾ ಪೊಲೀಸ್ ಠಾಣೆಗೆ ದೂರು ನೀಡಿದ್ದು, ಠಾಣಾ ಗುನ್ನೆ ನಂ: 58/2025 ಕಲಂ: 137(2) ಬಿ.ಎನ್.ಎಸ್ ರೀತ್ಯಾ ಪ್ರಕರಣ ದಾಖಲಾಗಿದೆ. ಕಾಣೆಯಾದ ಬಾಲಕನ ಚಹರೆ ವಿವರ: ಮಹ್ಮದ್ ಅರ್ಮಾನ್ ತಂದೆ ಸಾಧಿಕಅಲಿ ಅವಲದಿ ವಯಸ್ಸು 4 ವರ್ಷ, ಎತ್ತರ 2.5 ಫೀಟ್, ಬಿಳಿ ಬಣ್ಣ, ಸಾಧಾರಣ ಮೈಕಟ್ಟು ಹೊಂದಿದ್ದು, ಕಾಣೆಯಾದಾಗ ಸಾದಾ ಹಸಿರು ಬಣ್ಣದ ಟೀ ಶರ್ಟ್ ಮತ್ತು ಚಾಕಲೇಟ್ ಕಲರ್ ಪ್ಯಾಂಟ್ ಧರಿಸಿದ್ದನು. ಕನ್ನಡ, ಉರ್ದು ಭಾಷೆ ಮಾತನಾಡುತ್ತಾನೆ. ಈ ಬಾಲಕನ ಬಗ್ಗೆ ಮಾಹಿತಿ ದೊರೆತಲ್ಲಿ ಕೊಪ್ಪಳ ಮಹಿಳಾ ಪೊಲೀಸ್ ಠಾಣೆಯ ದೂ.ಸಂ: 08539-221233, ಪಿ.ಐ ಮೊ.ಸಂ: 8861116999, ಪಿಎಸ್‌ಐ ಮೊ.ಸಂ: 8217391502 ಹಾಗೂ ಕೊಪ್ಪಳ ಪೊಲೀಸ್ ಕಂಟ್ರೋಲ್ ರೂಂ ಮೊ.ಸಂ: 9480803700 ಗೆ ಸಂಪರ್ಕಿಸಿ ಮಾಹಿತಿ ನೀಡಬಹುದೆಂದು ಪ್ರಕಟಣೆ ತಿಳಿಸಿದೆ.
